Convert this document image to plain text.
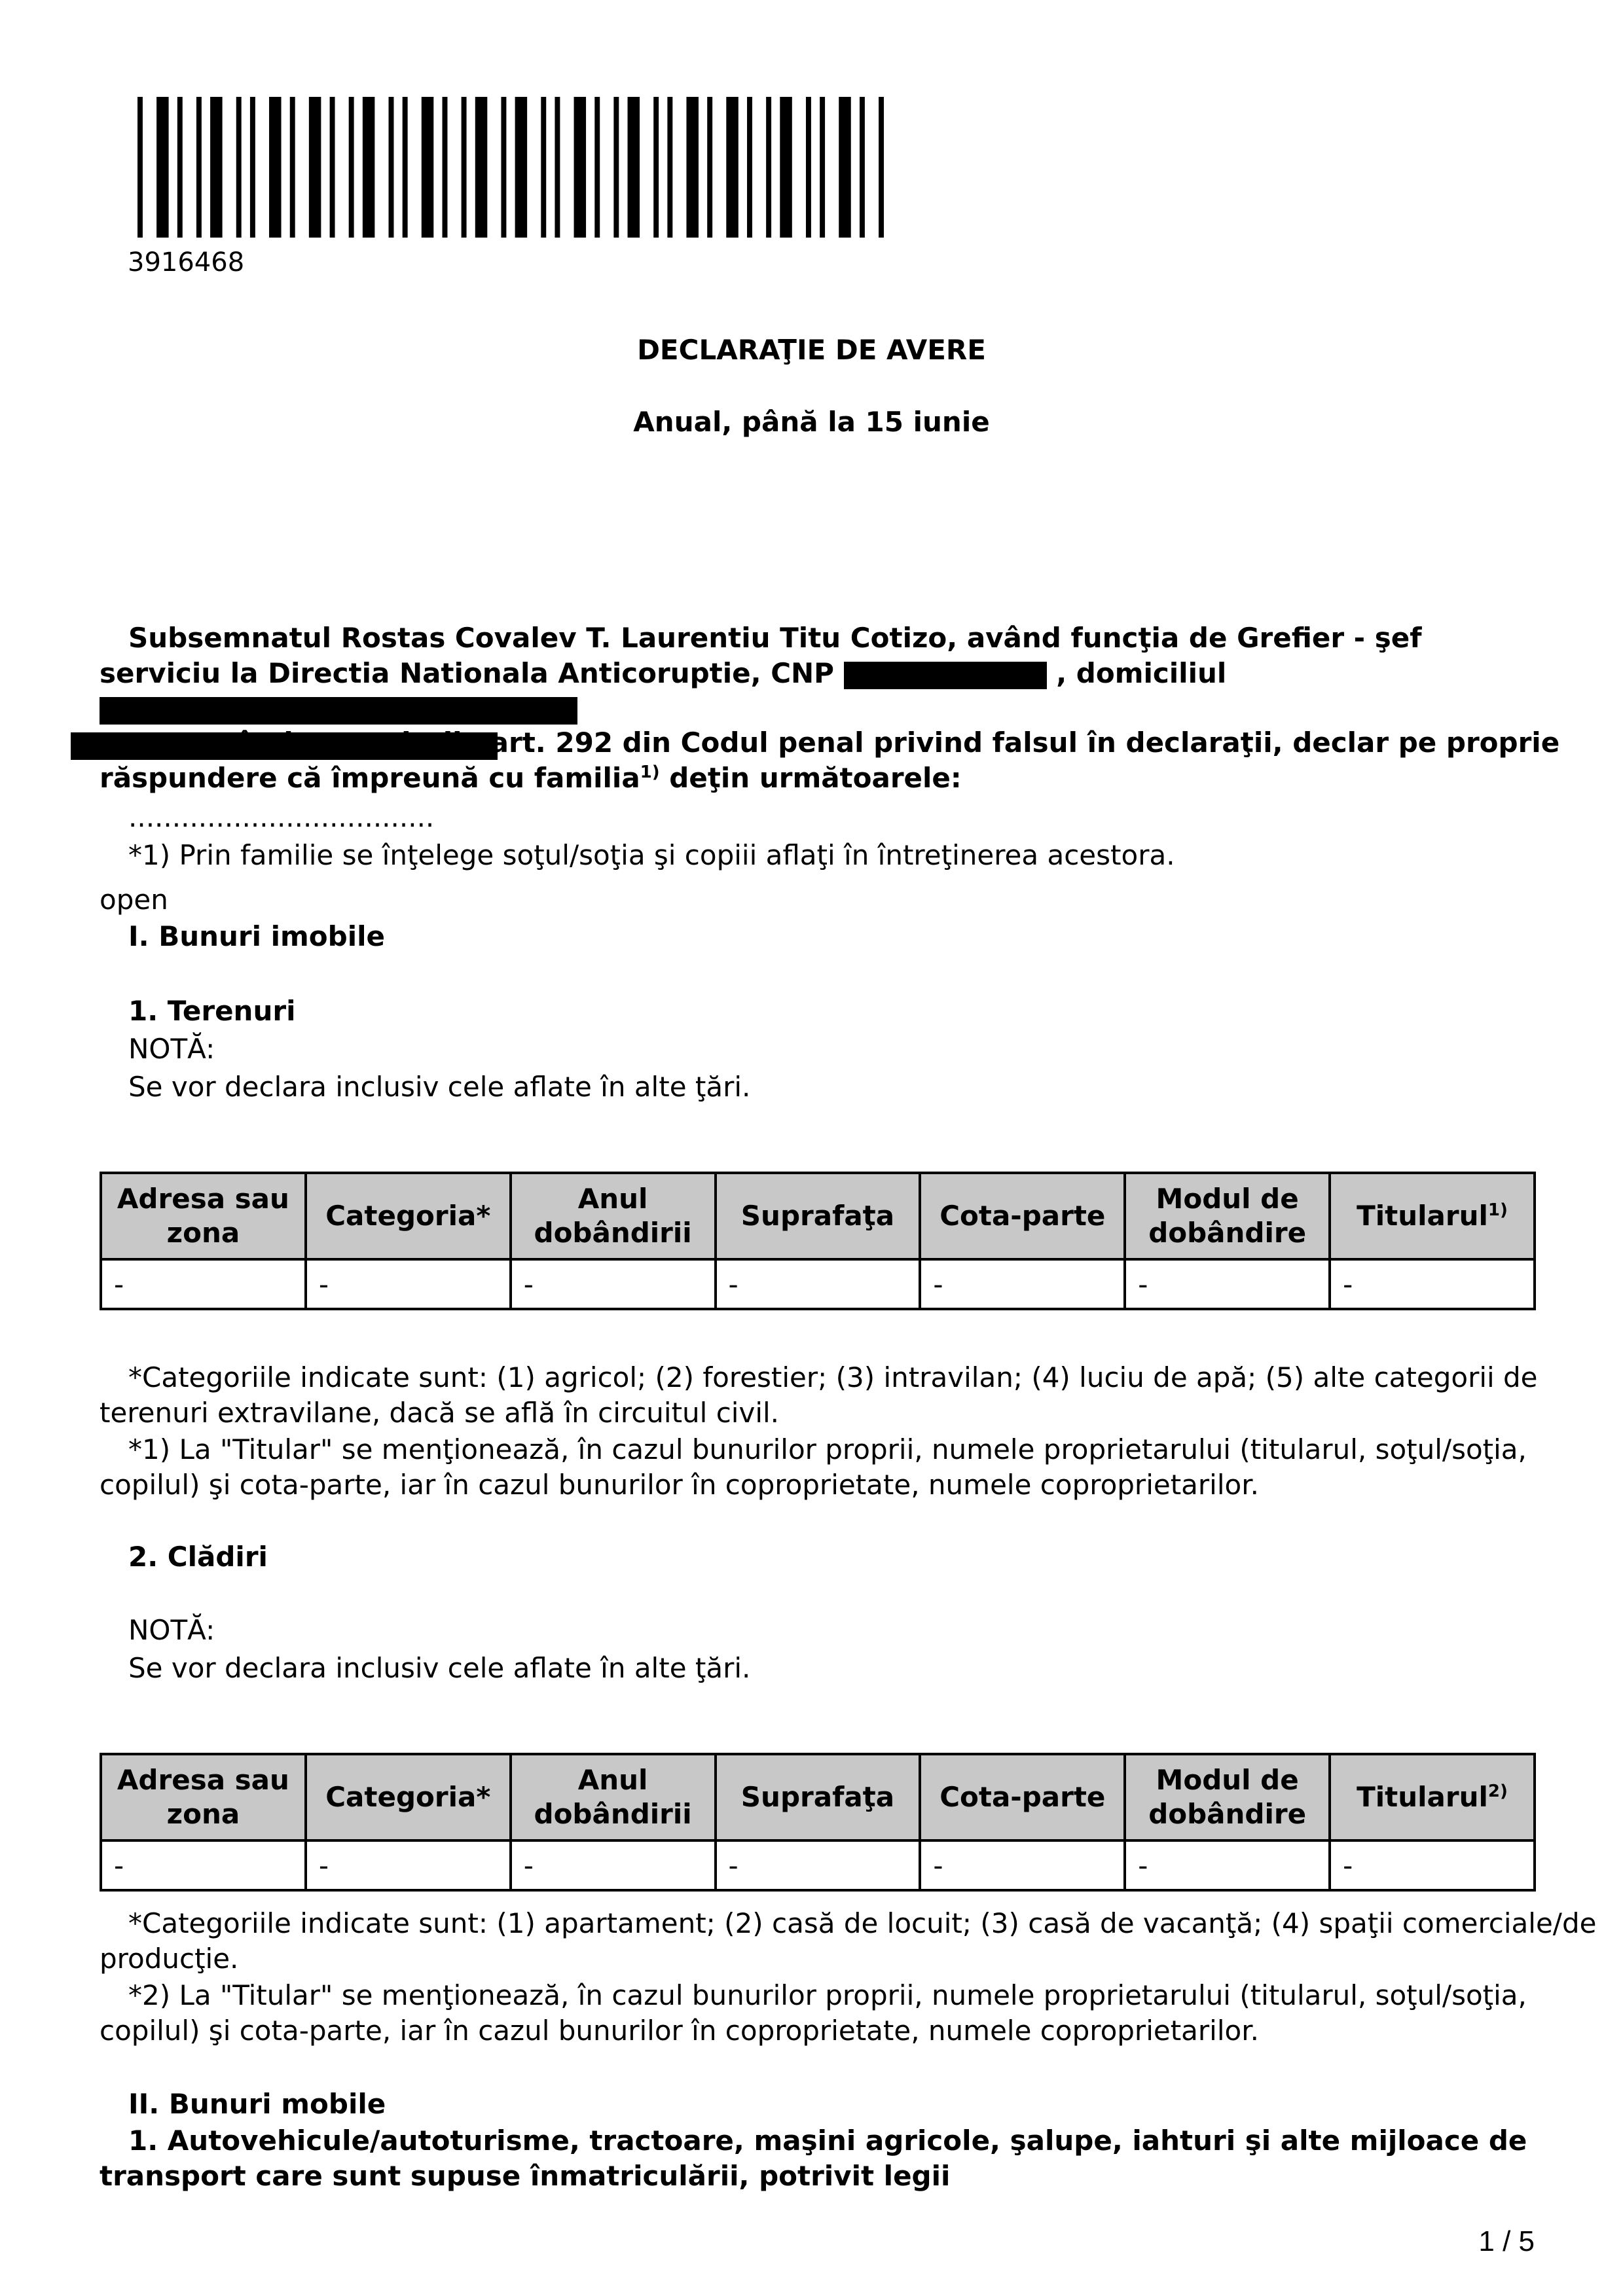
3916468
DECLARAŢIE DE AVERE
Anual, până la 15 iunie
Subsemnatul Rostas Covalev T. Laurentiu Titu Cotizo, având funcţia de Grefier - şef serviciu la Directia Nationala Anticoruptie, CNP	, domiciliul

cunoscând prevederile art. 292 din Codul penal privind falsul în declaraţii, declar pe proprie
răspundere că împreună cu familia$^{1)}$ deţin următoarele:
...................................
*1) Prin familie se înţelege soţul/soţia şi copiii aflaţi în întreţinerea acestora.
open
I. Bunuri imobile
1. Terenuri
NOTĂ:
Se vor declara inclusiv cele aflate în alte ţări.
Adresa sau zona	Categoria*	Anul dobândirii	Suprafaţa	Cota-parte	Modul de dobândire	Titularul$^{1)}$
-	-	-	-	-	-	-
*Categoriile indicate sunt: (1) agricol; (2) forestier; (3) intravilan; (4) luciu de apă; (5) alte categorii de
terenuri extravilane, dacă se află în circuitul civil.
*1) La "Titular" se menţionează, în cazul bunurilor proprii, numele proprietarului (titularul, soţul/soţia,
copilul) şi cota-parte, iar în cazul bunurilor în coproprietate, numele coproprietarilor.
2. Clădiri
NOTĂ:
Se vor declara inclusiv cele aflate în alte ţări.
Adresa sau zona	Categoria*	Anul dobândirii	Suprafaţa	Cota-parte	Modul de dobândire	Titularul$^{2)}$
-	-	-	-	-	-	-
*Categoriile indicate sunt: (1) apartament; (2) casă de locuit; (3) casă de vacanţă; (4) spaţii comerciale/de
producţie.
*2) La "Titular" se menţionează, în cazul bunurilor proprii, numele proprietarului (titularul, soţul/soţia,
copilul) şi cota-parte, iar în cazul bunurilor în coproprietate, numele coproprietarilor.
II. Bunuri mobile
1. Autovehicule/autoturisme, tractoare, maşini agricole, şalupe, iahturi şi alte mijloace de
transport care sunt supuse înmatriculării, potrivit legii
1 / 5
